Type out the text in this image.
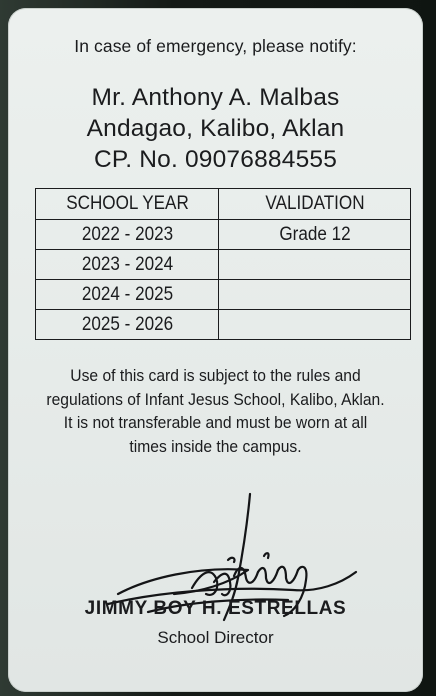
In case of emergency, please notify:
Mr. Anthony A. Malbas
Andagao, Kalibo, Aklan
CP. No. 09076884555
SCHOOL YEAR	VALIDATION
2022 - 2023	Grade 12
2023 - 2024	
2024 - 2025	
2025 - 2026	
Use of this card is subject to the rules and regulations of Infant Jesus School, Kalibo, Aklan. It is not transferable and must be worn at all times inside the campus.
JIMMY BOY H. ESTRELLAS
School Director
